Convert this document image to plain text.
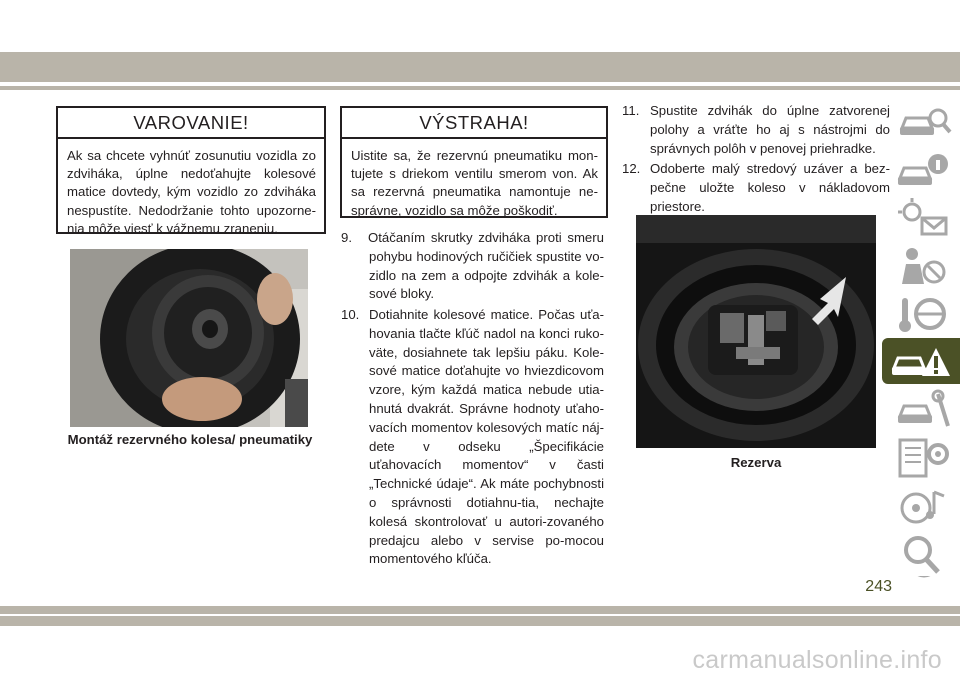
VAROVANIE!
Ak sa chcete vyhnúť zosunutiu vozidla zo zdviháka, úplne nedoťahujte kolesové matice dovtedy, kým vozidlo zo zdviháka nespustíte. Nedodržanie tohto upozorne-nia môže viesť k vážnemu zraneniu.
VÝSTRAHA!
Uistite sa, že rezervnú pneumatiku mon-tujete s driekom ventilu smerom von. Ak sa rezervná pneumatika namontuje ne-správne, vozidlo sa môže poškodiť.
Montáž rezervného kolesa/ pneumatiky
9. Otáčaním skrutky zdviháka proti smeru pohybu hodinových ručičiek spustite vo-zidlo na zem a odpojte zdvihák a kole-sové bloky.
10. Dotiahnite kolesové matice. Počas uťa-hovania tlačte kľúč nadol na konci ruko-väte, dosiahnete tak lepšiu páku. Kole-sové matice doťahujte vo hviezdicovom vzore, kým každá matica nebude utia-hnutá dvakrát. Správne hodnoty uťaho-vacích momentov kolesových matíc náj-dete v odseku „Špecifikácie uťahovacích momentov“ v časti „Technické údaje“. Ak máte pochybnosti o správnosti dotiahnu-tia, nechajte kolesá skontrolovať u autori-zovaného predajcu alebo v servise po-mocou momentového kľúča.
11. Spustite zdvihák do úplne zatvorenej polohy a vráťte ho aj s nástrojmi do správnych polôh v penovej priehradke.
12. Odoberte malý stredový uzáver a bez-pečne uložte koleso v nákladovom priestore.
Rezerva
243
carmanualsonline.info
